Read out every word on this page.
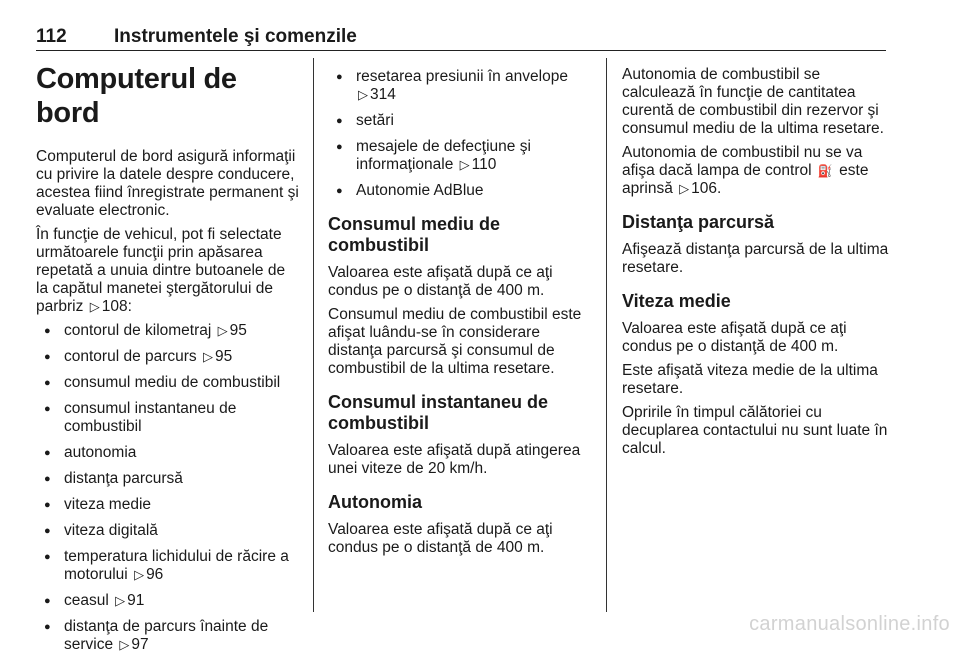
112	Instrumentele şi comenzile
Computerul de bord

Computerul de bord asigură informaţii cu privire la datele despre conducere, acestea fiind înregistrate permanent şi evaluate electronic.

În funcţie de vehicul, pot fi selectate următoarele funcţii prin apăsarea repetată a unuia dintre butoanele de la capătul manetei ştergătorului de parbriz ▷ 108:

● contorul de kilometraj ▷ 95
● contorul de parcurs ▷ 95
● consumul mediu de combustibil
● consumul instantaneu de combustibil
● autonomia
● distanţa parcursă
● viteza medie
● viteza digitală
● temperatura lichidului de răcire a motorului ▷ 96
● ceasul ▷ 91
● distanţa de parcurs înainte de service ▷ 97
● resetarea presiunii în anvelope ▷ 314
● setări
● mesajele de defecţiune şi informaţionale ▷ 110
● Autonomie AdBlue
Consumul mediu de combustibil

Valoarea este afişată după ce aţi condus pe o distanţă de 400 m.

Consumul mediu de combustibil este afişat luându-se în considerare distanţa parcursă şi consumul de combustibil de la ultima resetare.

Consumul instantaneu de combustibil

Valoarea este afişată după atingerea unei viteze de 20 km/h.

Autonomia

Valoarea este afişată după ce aţi condus pe o distanţă de 400 m.

Autonomia de combustibil se calculează în funcţie de cantitatea curentă de combustibil din rezervor şi consumul mediu de la ultima resetare.

Autonomia de combustibil nu se va afişa dacă lampa de control ⛽ este aprinsă ▷ 106.

Distanţa parcursă

Afişează distanţa parcursă de la ultima resetare.

Viteza medie

Valoarea este afişată după ce aţi condus pe o distanţă de 400 m.

Este afişată viteza medie de la ultima resetare.

Opririle în timpul călătoriei cu decuplarea contactului nu sunt luate în calcul.

carmanualsonline.info
